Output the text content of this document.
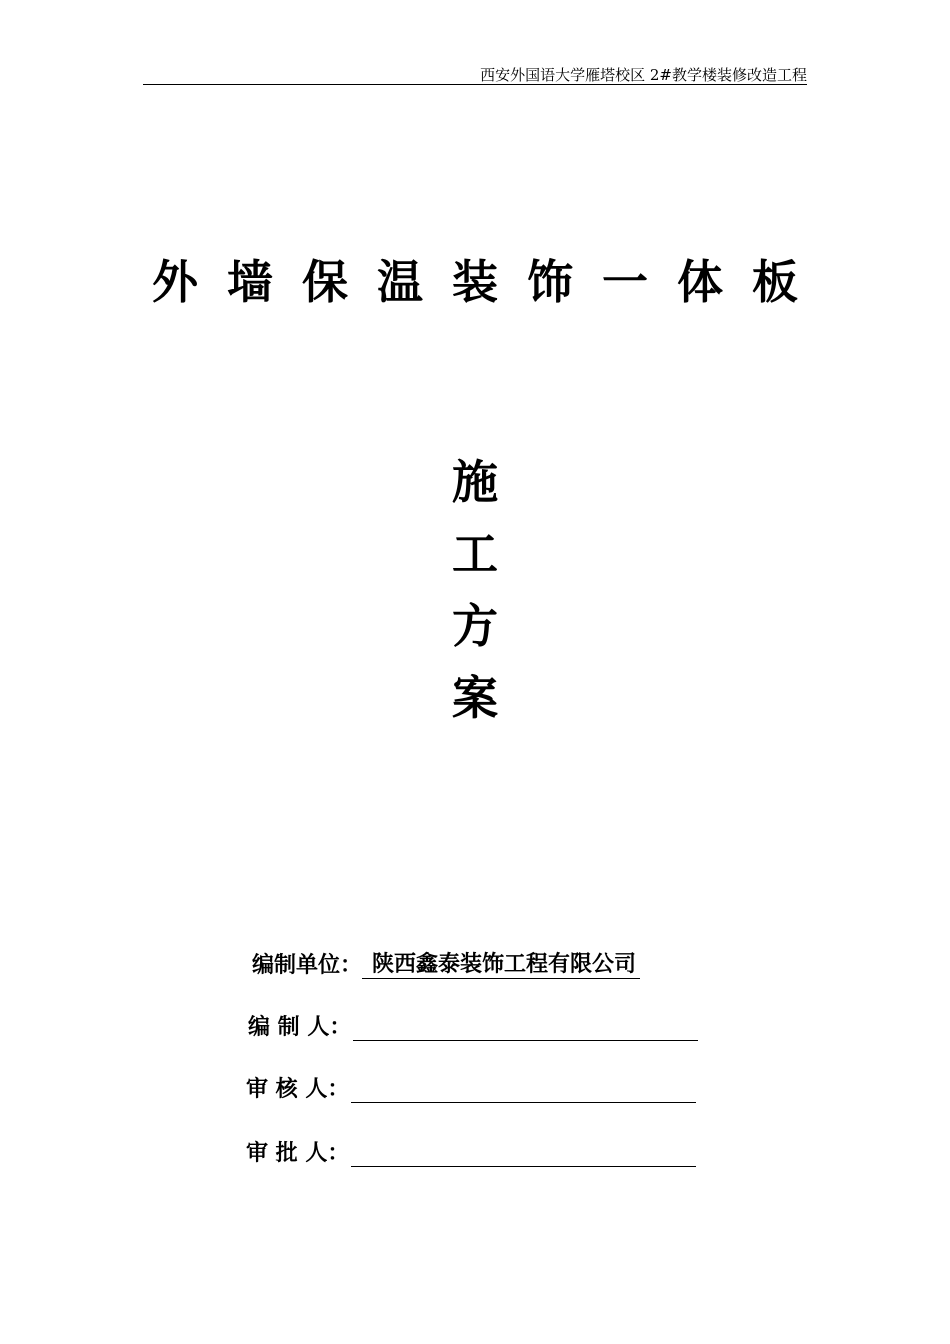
西安外国语大学雁塔校区 2#教学楼装修改造工程
外墙保温装饰一体板
施
工
方
案
编制单位： 陕西鑫泰装饰工程有限公司
编 制 人：
审 核 人：
审 批 人：
